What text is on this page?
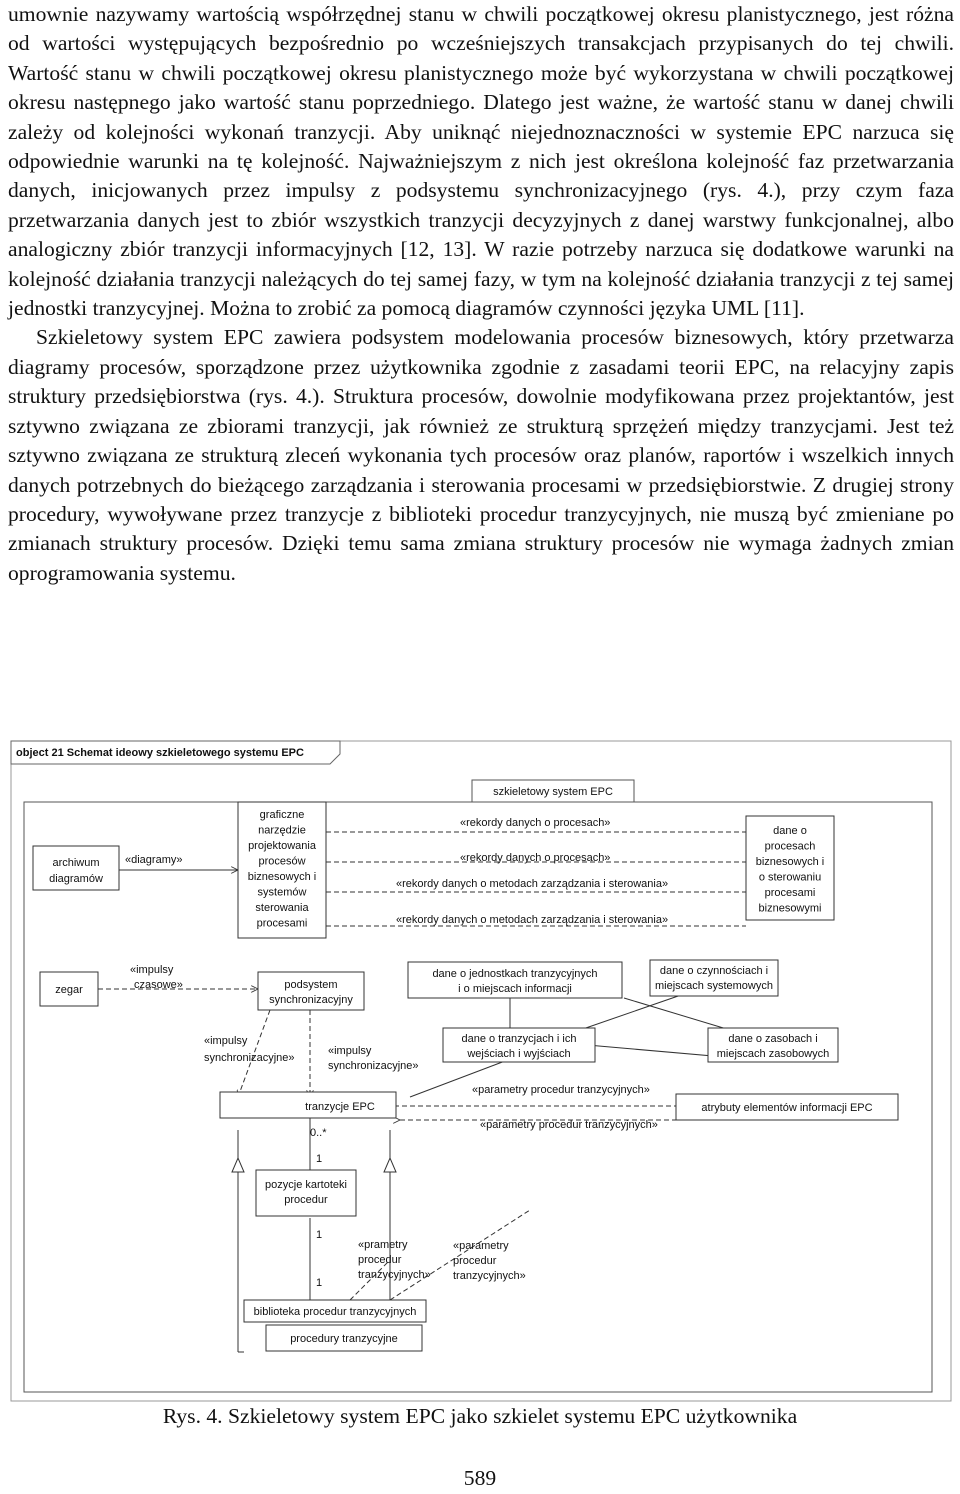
umownie nazywamy wartością współrzędnej stanu w chwili początkowej okresu planistycznego, jest różna od wartości występujących bezpośrednio po wcześniejszych transakcjach przypisanych do tej chwili. Wartość stanu w chwili początkowej okresu planistycznego może być wykorzystana w chwili początkowej okresu następnego jako wartość stanu poprzedniego. Dlatego jest ważne, że wartość stanu w danej chwili zależy od kolejności wykonań tranzycji. Aby uniknąć niejednoznaczności w systemie EPC narzuca się odpowiednie warunki na tę kolejność. Najważniejszym z nich jest określona kolejność faz przetwarzania danych, inicjowanych przez impulsy z podsystemu synchronizacyjnego (rys. 4.), przy czym faza przetwarzania danych jest to zbiór wszystkich tranzycji decyzyjnych z danej warstwy funkcjonalnej, albo analogiczny zbiór tranzycji informacyjnych [12, 13]. W razie potrzeby narzuca się dodatkowe warunki na kolejność działania tranzycji należących do tej samej fazy, w tym na kolejność działania tranzycji z tej samej jednostki tranzycyjnej. Można to zrobić za pomocą diagramów czynności języka UML [11].

Szkieletowy system EPC zawiera podsystem modelowania procesów biznesowych, który przetwarza diagramy procesów, sporządzone przez użytkownika zgodnie z zasadami teorii EPC, na relacyjny zapis struktury przedsiębiorstwa (rys. 4.). Struktura procesów, dowolnie modyfikowana przez projektantów, jest sztywno związana ze zbiorami tranzycji, jak również ze strukturą sprzężeń między tranzycjami. Jest też sztywno związana ze strukturą zleceń wykonania tych procesów oraz planów, raportów i wszelkich innych danych potrzebnych do bieżącego zarządzania i sterowania procesami w przedsiębiorstwie. Z drugiej strony procedury, wywoływane przez tranzycje z biblioteki procedur tranzycyjnych, nie muszą być zmieniane po zmianach struktury procesów. Dzięki temu sama zmiana struktury procesów nie wymaga żadnych zmian oprogramowania systemu.

object 21 Schemat ideowy szkieletowego systemu EPC
szkieletowy system EPC
archiwum diagramów
graficzne narzędzie projektowania procesów biznesowych i systemów sterowania procesami
dane o procesach biznesowych i o sterowaniu procesami biznesowymi
zegar	podsystem synchronizacyjny
dane o jednostkach tranzycyjnych i o miejscach informacji
dane o czynnościach i miejscach systemowych
dane o tranzycjach i ich wejściach i wyjściach
dane o zasobach i miejscach zasobowych
tranzycje EPC	atrybuty elementów informacji EPC
pozycje kartoteki procedur
biblioteka procedur tranzycyjnych
procedury tranzycyjne
«diagramy»
«rekordy danych o procesach»
«rekordy danych o procesach»
«rekordy danych o metodach zarządzania i sterowania»
«rekordy danych o metodach zarządzania i sterowania»
«impulsy
czasowe»
«impulsy
synchronizacyjne»
«impulsy
synchronizacyjne»
«parametry procedur tranzycyjnych»
«parametry procedur tranzycyjnych»
0..*
1
1
1
«prametry
procedur
tranzycyjnych»
«parametry
procedur
tranzycyjnych»
Rys. 4. Szkieletowy system EPC jako szkielet systemu EPC użytkownika
589
